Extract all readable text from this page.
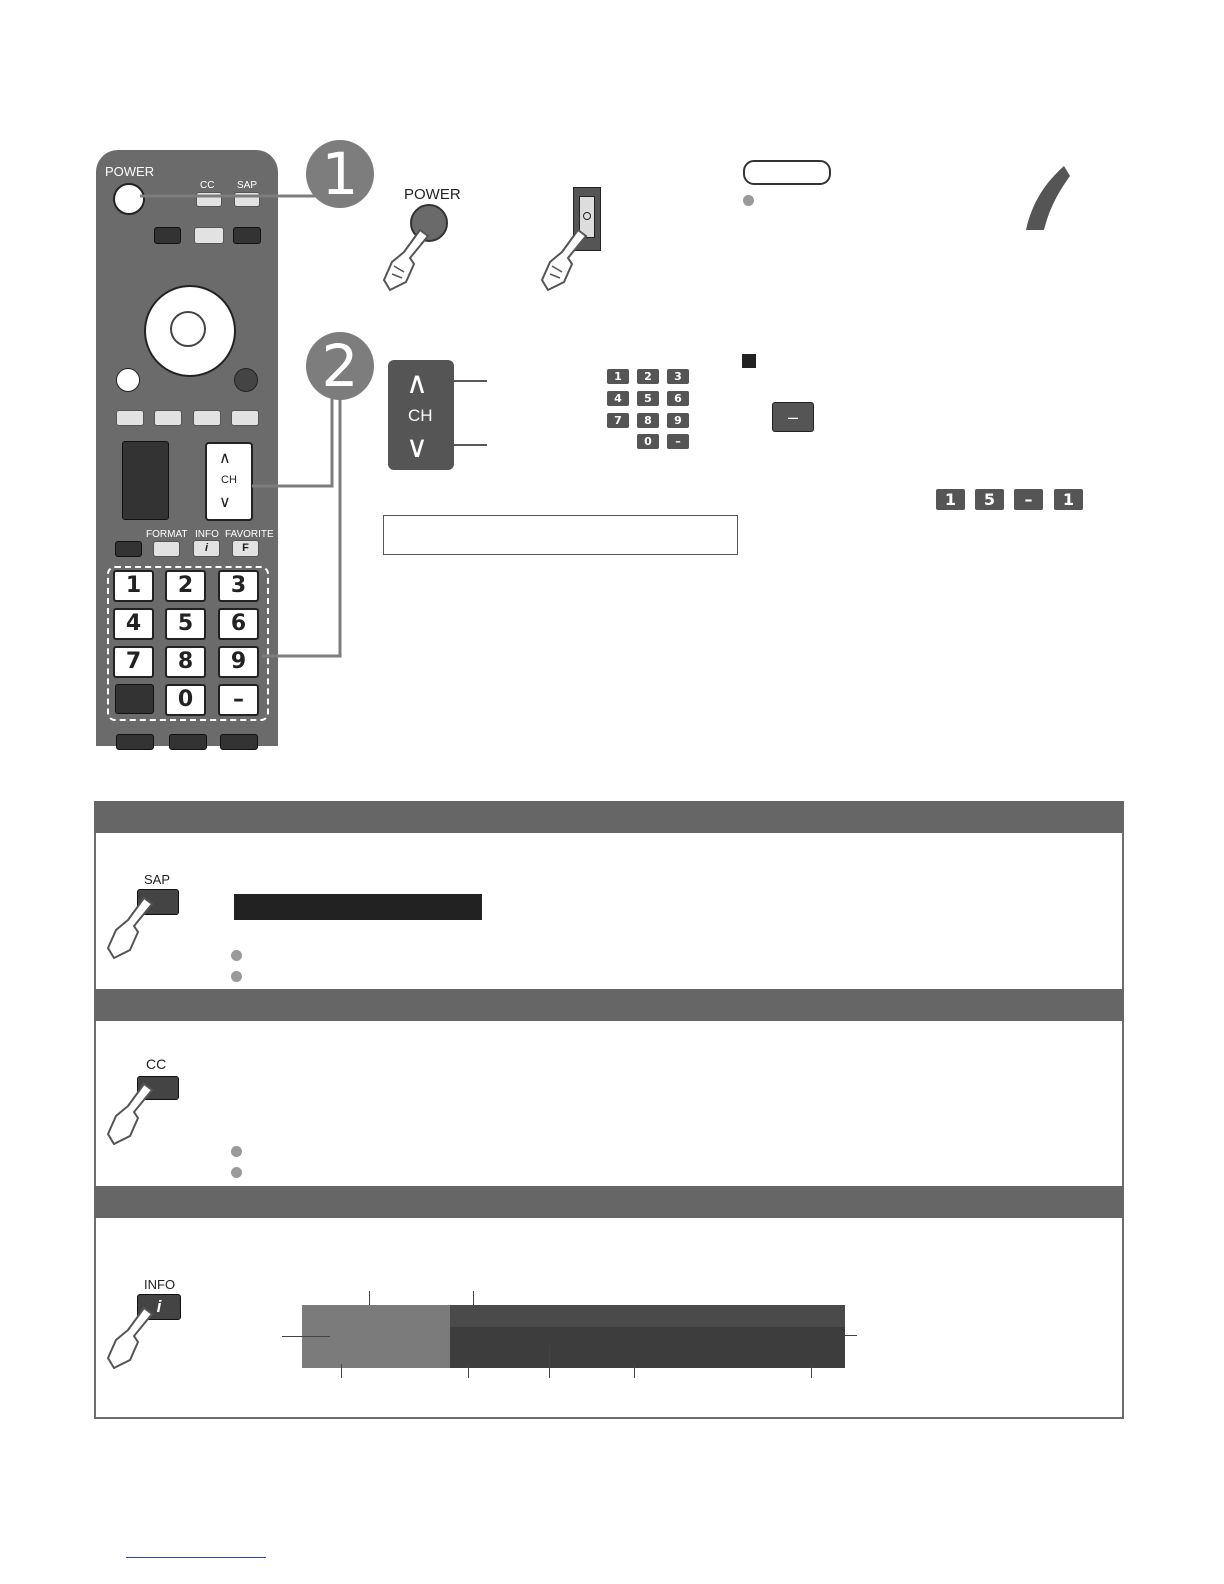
POWER
CC SAP
∧
CH
∨
FORMAT INFO FAVORITE
i	F
1	2	3
4	5	6
7	8	9
0	–
1
2
POWER
∧
CH
∨
1	2	3
4	5	6
7	8	9
0	–
–
1	5	–	1
SAP
CC
INFO
i
